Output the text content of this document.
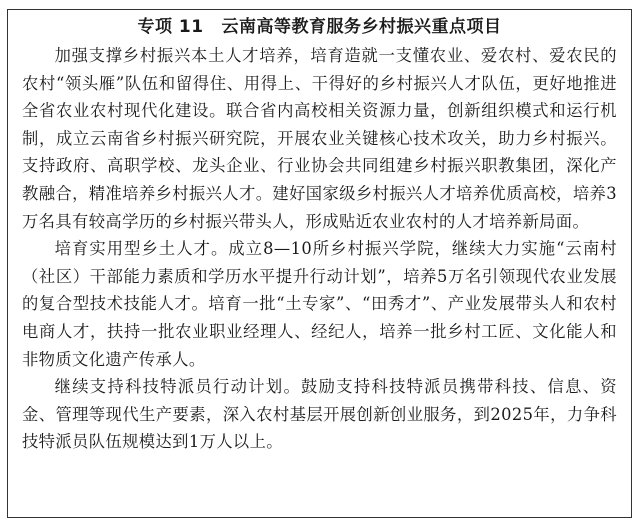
专项 11 云南高等教育服务乡村振兴重点项目

加强支撑乡村振兴本土人才培养，培育造就一支懂农业、爱农村、爱农民的农村“领头雁”队伍和留得住、用得上、干得好的乡村振兴人才队伍，更好地推进全省农业农村现代化建设。联合省内高校相关资源力量，创新组织模式和运行机制，成立云南省乡村振兴研究院，开展农业关键核心技术攻关，助力乡村振兴。支持政府、高职学校、龙头企业、行业协会共同组建乡村振兴职教集团，深化产教融合，精准培养乡村振兴人才。建好国家级乡村振兴人才培养优质高校，培养3万名具有较高学历的乡村振兴带头人，形成贴近农业农村的人才培养新局面。

培育实用型乡土人才。成立8—10所乡村振兴学院，继续大力实施“云南村（社区）干部能力素质和学历水平提升行动计划”，培养5万名引领现代农业发展的复合型技术技能人才。培育一批“土专家”、“田秀才”、产业发展带头人和农村电商人才，扶持一批农业职业经理人、经纪人，培养一批乡村工匠、文化能人和非物质文化遗产传承人。

继续支持科技特派员行动计划。鼓励支持科技特派员携带科技、信息、资金、管理等现代生产要素，深入农村基层开展创新创业服务，到2025年，力争科技特派员队伍规模达到1万人以上。
